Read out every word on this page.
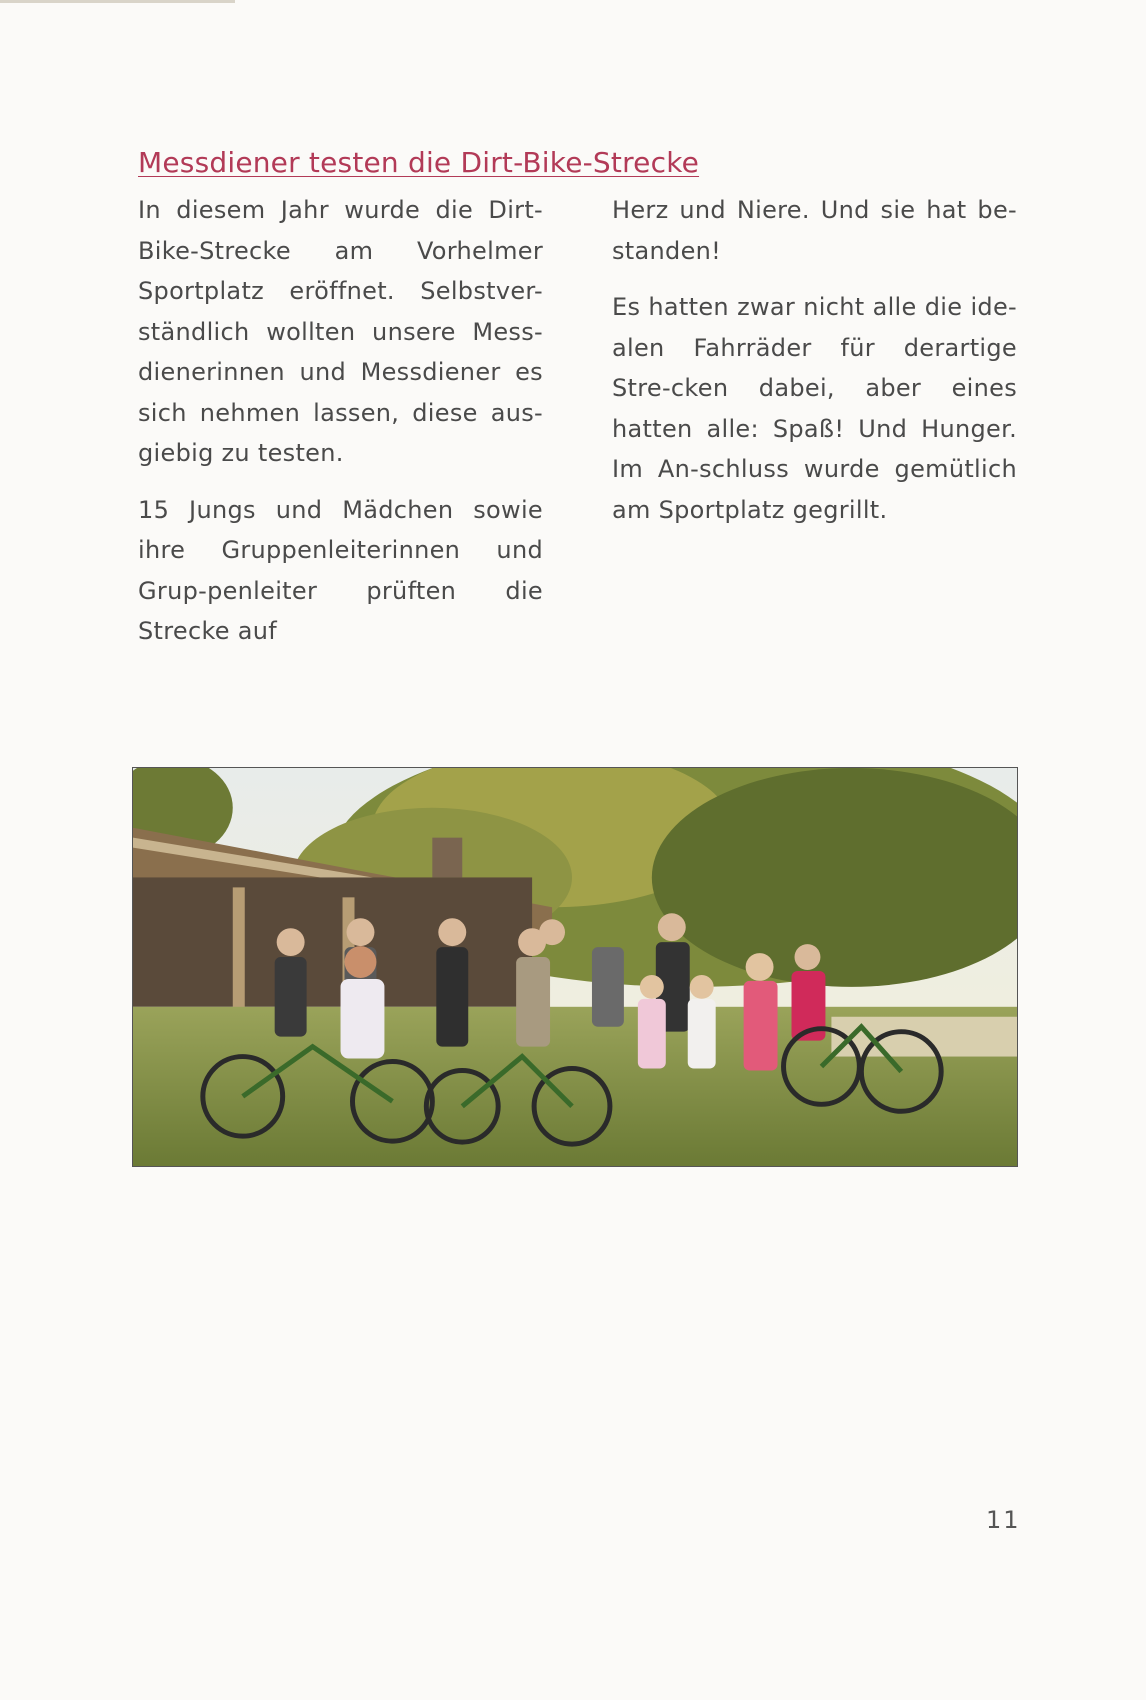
Messdiener testen die Dirt-Bike-Strecke

In diesem Jahr wurde die Dirt-Bike-Strecke am Vorhelmer Sportplatz eröffnet. Selbstver-ständlich wollten unsere Mess-dienerinnen und Messdiener es sich nehmen lassen, diese aus-giebig zu testen.

15 Jungs und Mädchen sowie ihre Gruppenleiterinnen und Grup-penleiter prüften die Strecke auf

Herz und Niere. Und sie hat be-standen!

Es hatten zwar nicht alle die ide-alen Fahrräder für derartige Stre-cken dabei, aber eines hatten alle: Spaß! Und Hunger. Im An-schluss wurde gemütlich am Sportplatz gegrillt.

11
